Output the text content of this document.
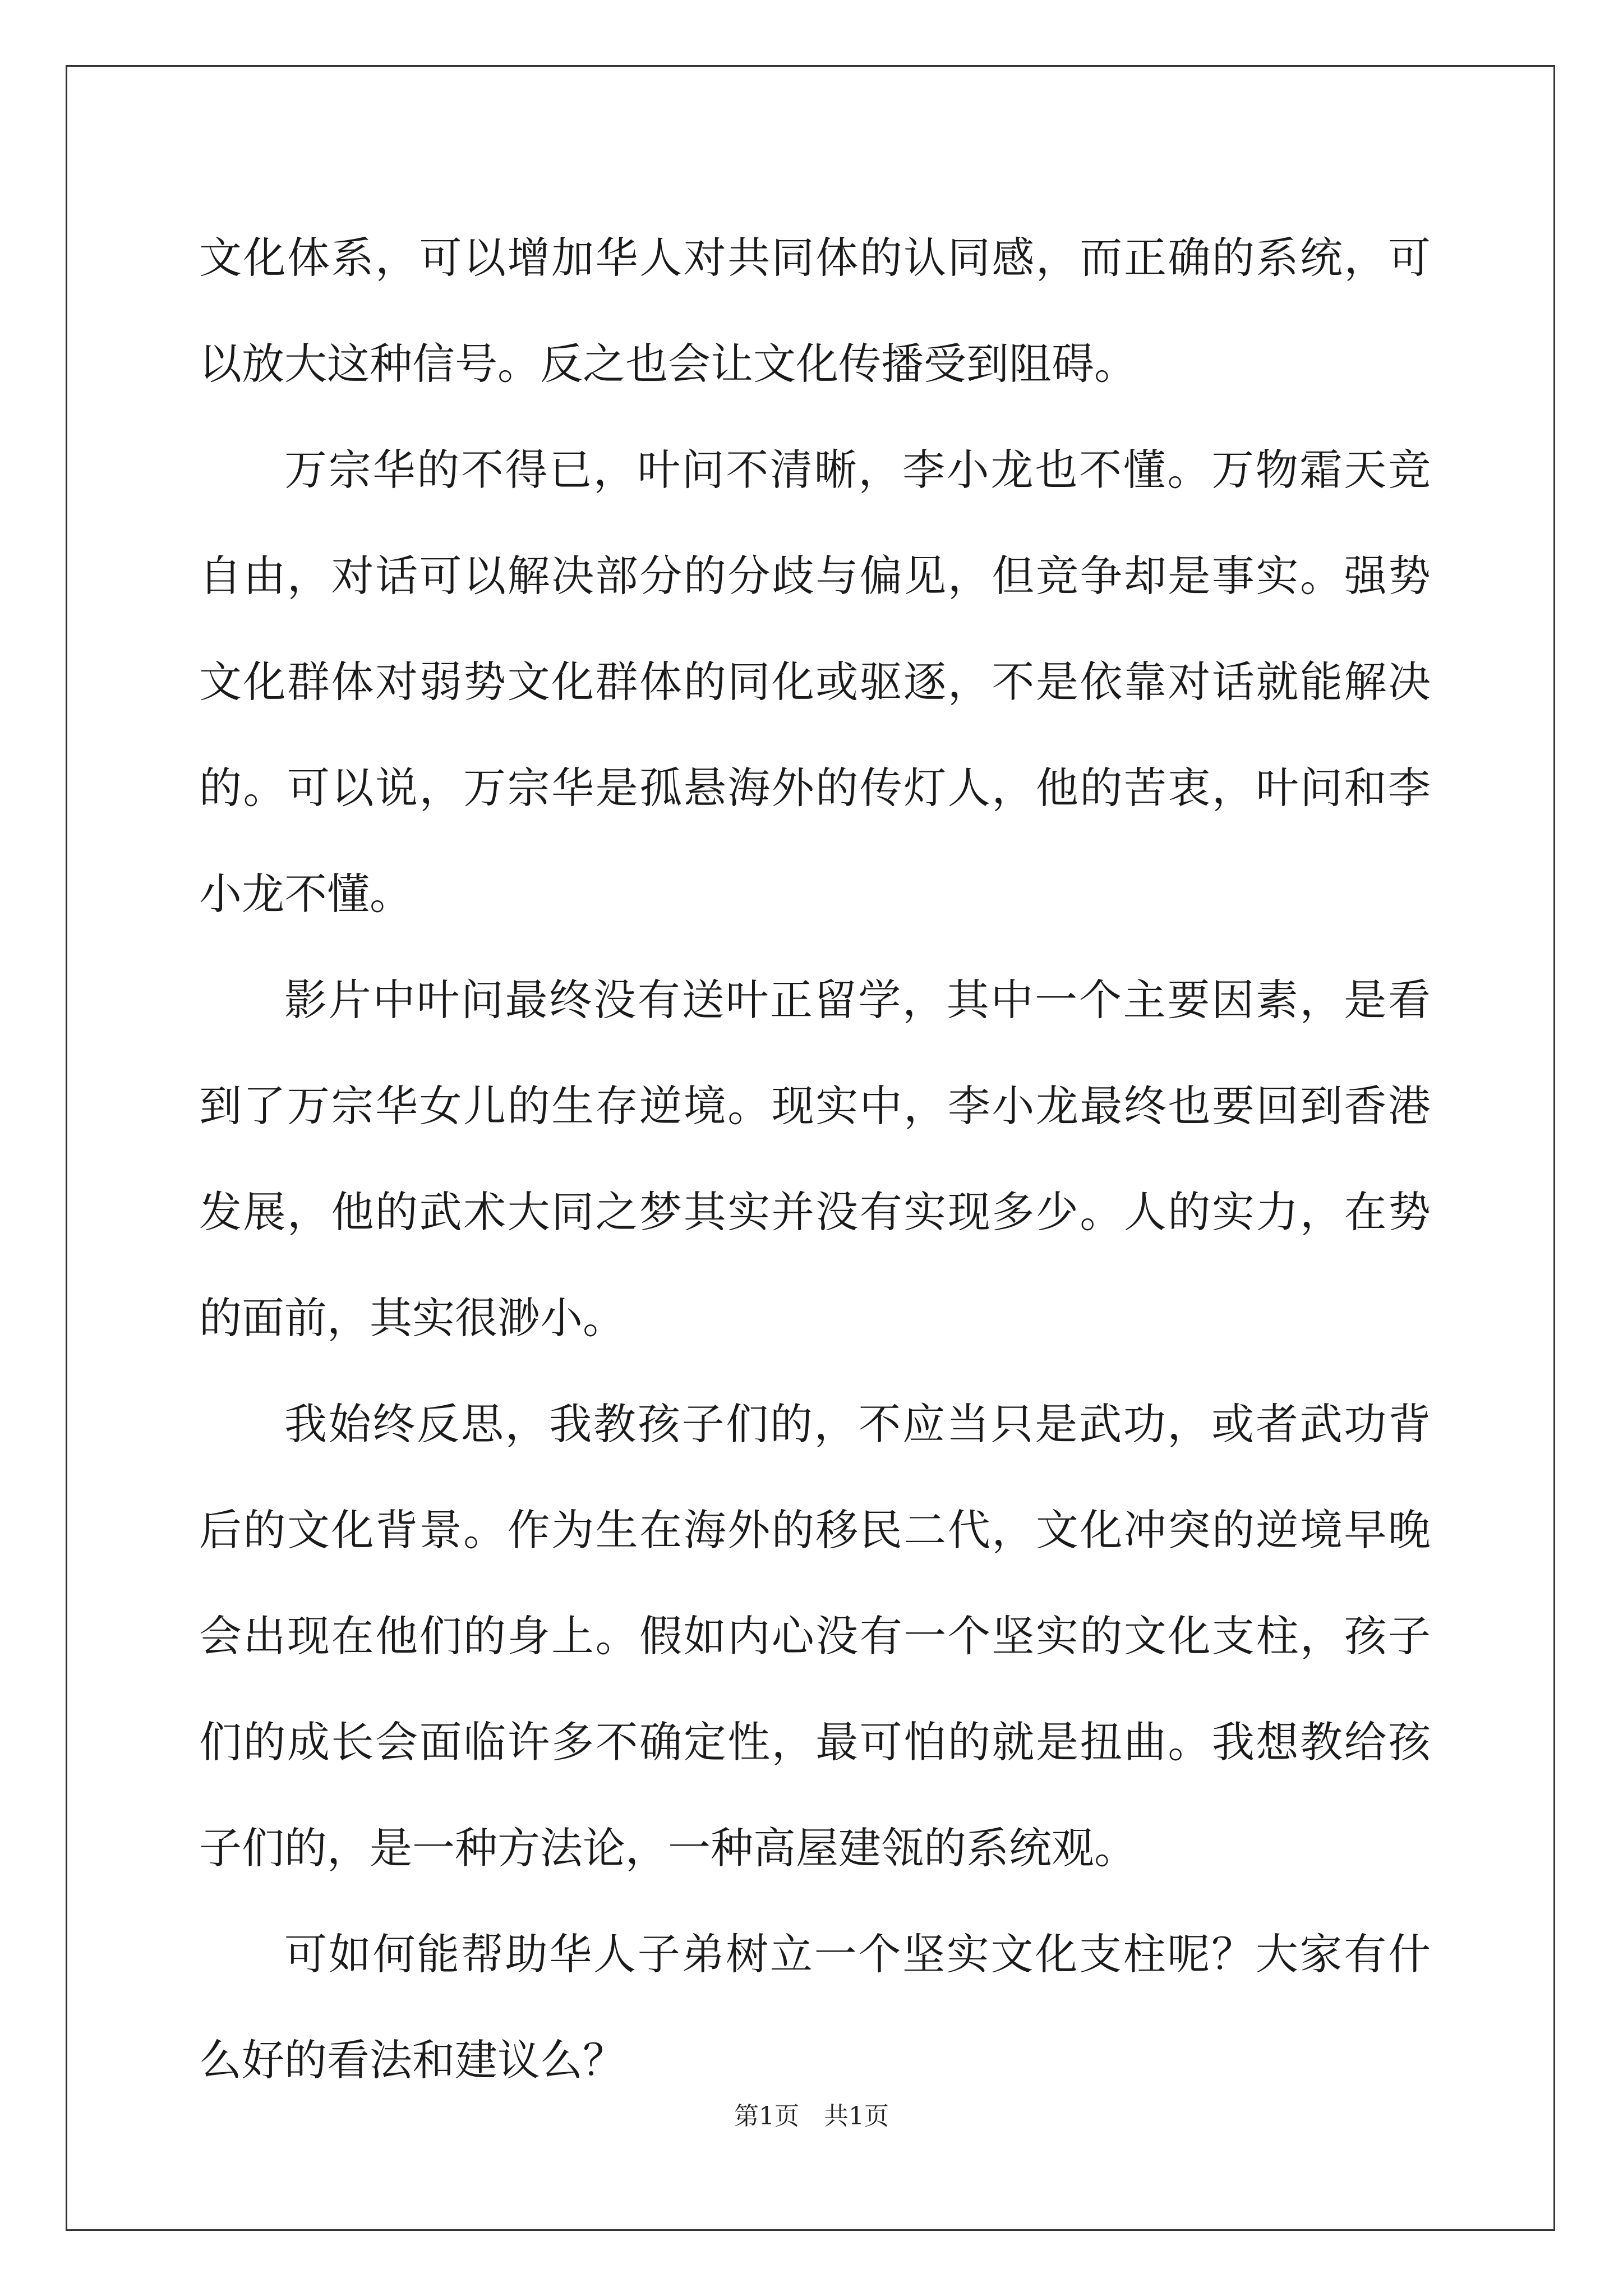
文化体系，可以增加华人对共同体的认同感，而正确的系统，可以放大这种信号。反之也会让文化传播受到阻碍。

万宗华的不得已，叶问不清晰，李小龙也不懂。万物霜天竞自由，对话可以解决部分的分歧与偏见，但竞争却是事实。强势文化群体对弱势文化群体的同化或驱逐，不是依靠对话就能解决的。可以说，万宗华是孤悬海外的传灯人，他的苦衷，叶问和李小龙不懂。

影片中叶问最终没有送叶正留学，其中一个主要因素，是看到了万宗华女儿的生存逆境。现实中，李小龙最终也要回到香港发展，他的武术大同之梦其实并没有实现多少。人的实力，在势的面前，其实很渺小。

我始终反思，我教孩子们的，不应当只是武功，或者武功背后的文化背景。作为生在海外的移民二代，文化冲突的逆境早晚会出现在他们的身上。假如内心没有一个坚实的文化支柱，孩子们的成长会面临许多不确定性，最可怕的就是扭曲。我想教给孩子们的，是一种方法论，一种高屋建瓴的系统观。

可如何能帮助华人子弟树立一个坚实文化支柱呢？大家有什么好的看法和建议么？

第1页　共1页
